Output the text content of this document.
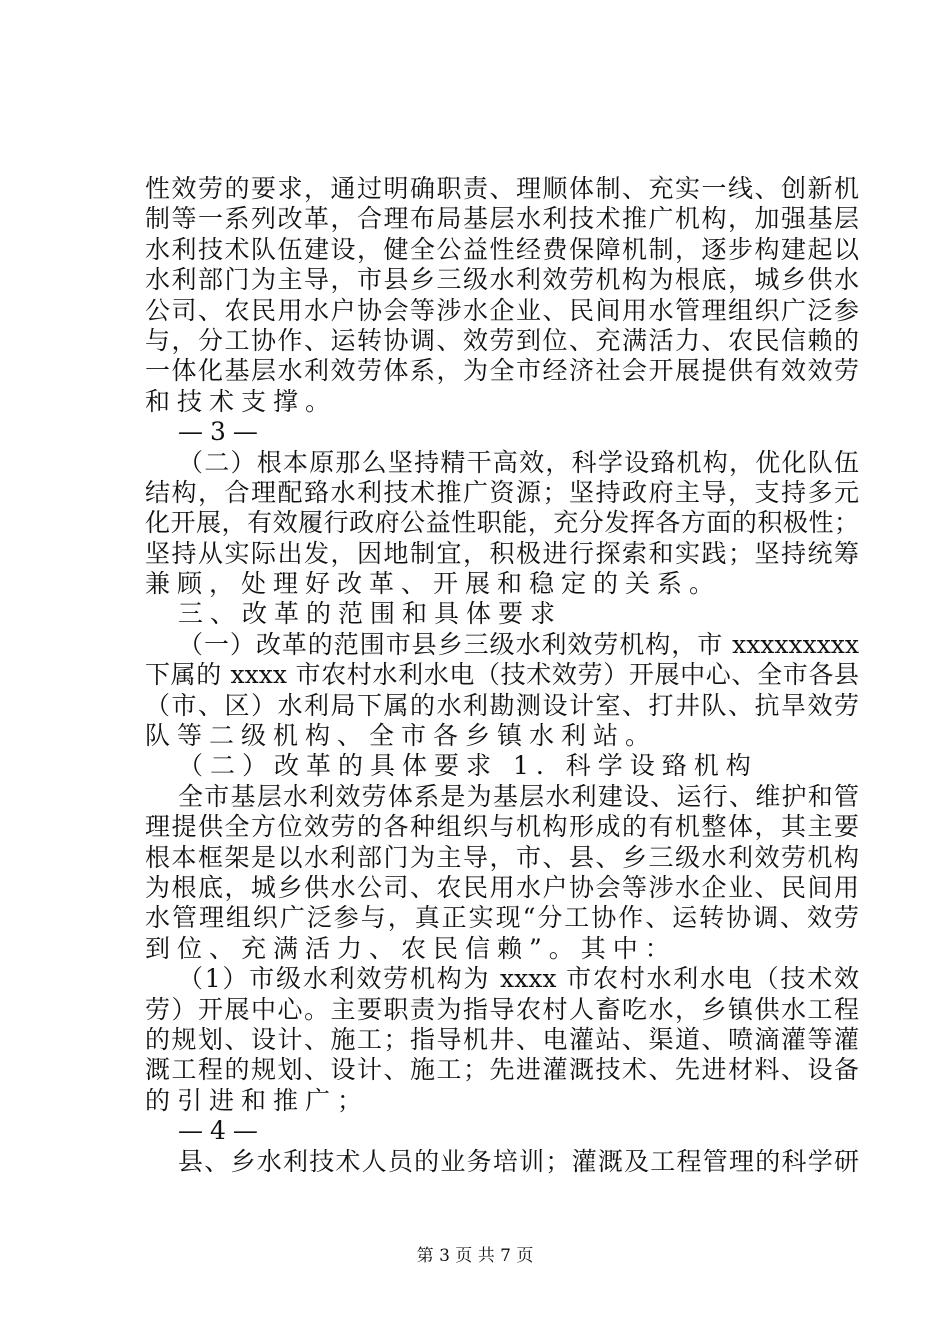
性效劳的要求，通过明确职责、理顺体制、充实一线、创新机
制等一系列改革，合理布局基层水利技术推广机构，加强基层
水利技术队伍建设，健全公益性经费保障机制，逐步构建起以
水利部门为主导，市县乡三级水利效劳机构为根底，城乡供水
公司、农民用水户协会等涉水企业、民间用水管理组织广泛参
与，分工协作、运转协调、效劳到位、充满活力、农民信赖的
一体化基层水利效劳体系，为全市经济社会开展提供有效效劳
和技术支撑。
—3—
（二）根本原那么坚持精干高效，科学设臵机构，优化队伍
结构，合理配臵水利技术推广资源；坚持政府主导，支持多元
化开展，有效履行政府公益性职能，充分发挥各方面的积极性；
坚持从实际出发，因地制宜，积极进行探索和实践；坚持统筹
兼顾，处理好改革、开展和稳定的关系。
三、改革的范围和具体要求
（一）改革的范围市县乡三级水利效劳机构，市 xxxxxxxxx
下属的 xxxx 市农村水利水电（技术效劳）开展中心、全市各县
（市、区）水利局下属的水利勘测设计室、打井队、抗旱效劳
队等二级机构、全市各乡镇水利站。
（二）改革的具体要求 1. 科学设臵机构
全市基层水利效劳体系是为基层水利建设、运行、维护和管
理提供全方位效劳的各种组织与机构形成的有机整体，其主要
根本框架是以水利部门为主导，市、县、乡三级水利效劳机构
为根底，城乡供水公司、农民用水户协会等涉水企业、民间用
水管理组织广泛参与，真正实现“分工协作、运转协调、效劳
到位、充满活力、农民信赖”。其中：
（1）市级水利效劳机构为 xxxx 市农村水利水电（技术效
劳）开展中心。主要职责为指导农村人畜吃水，乡镇供水工程
的规划、设计、施工；指导机井、电灌站、渠道、喷滴灌等灌
溉工程的规划、设计、施工；先进灌溉技术、先进材料、设备
的引进和推广；
—4—
县、乡水利技术人员的业务培训；灌溉及工程管理的科学研
第 3 页 共 7 页
